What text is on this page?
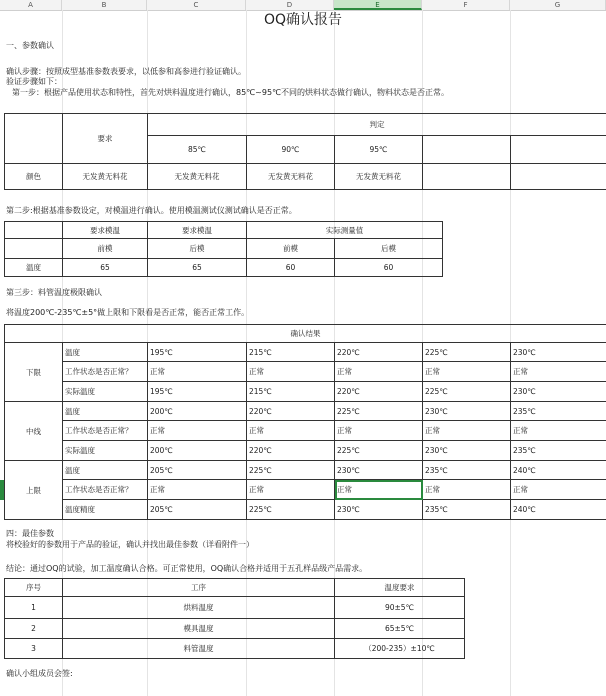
A	B	C	D	E	F	G
OQ确认报告
一、参数确认
确认步骤：按照成型基准参数表要求，以低参和高参进行验证确认。
验证步骤如下：
第一步：根据产品使用状态和特性，首先对烘料温度进行确认，85℃~95℃不同的烘料状态做行确认，物料状态是否正常。
	要求	判定				
		85℃	90℃	95℃		
颜色	无发黄无料花	无发黄无料花	无发黄无料花	无发黄无料花		
第二步:根据基准参数设定，对模温进行确认。使用模温测试仪测试确认是否正常。
	要求模温	要求模温	实际测量值	
	前模	后模	前模	后模
温度	65	65	60	60
第三步：料管温度极限确认
将温度200℃-235℃±5°做上限和下限看是否正常，能否正常工作。
确认结果						
下限	温度	195℃	215℃	220℃	225℃	230℃
	工作状态是否正常？	正常	正常	正常	正常	正常
	实际温度	195℃	215℃	220℃	225℃	230℃
中线	温度	200℃	220℃	225℃	230℃	235℃
	工作状态是否正常？	正常	正常	正常	正常	正常
	实际温度	200℃	220℃	225℃	230℃	235℃
上限	温度	205℃	225℃	230℃	235℃	240℃
	工作状态是否正常？	正常	正常	正常	正常	正常
	温度精度	205℃	225℃	230℃	235℃	240℃
四：最佳参数
将校验好的参数用于产品的验证，确认并找出最佳参数（详看附件一）
结论：通过OQ的试验，加工温度确认合格。可正常使用，OQ确认合格并适用于五孔样品级产品需求。
序号	工序	温度要求
1	烘料温度	90±5℃
2	模具温度	65±5℃
3	料管温度	（200-235）±10℃
确认小组成员会签:
